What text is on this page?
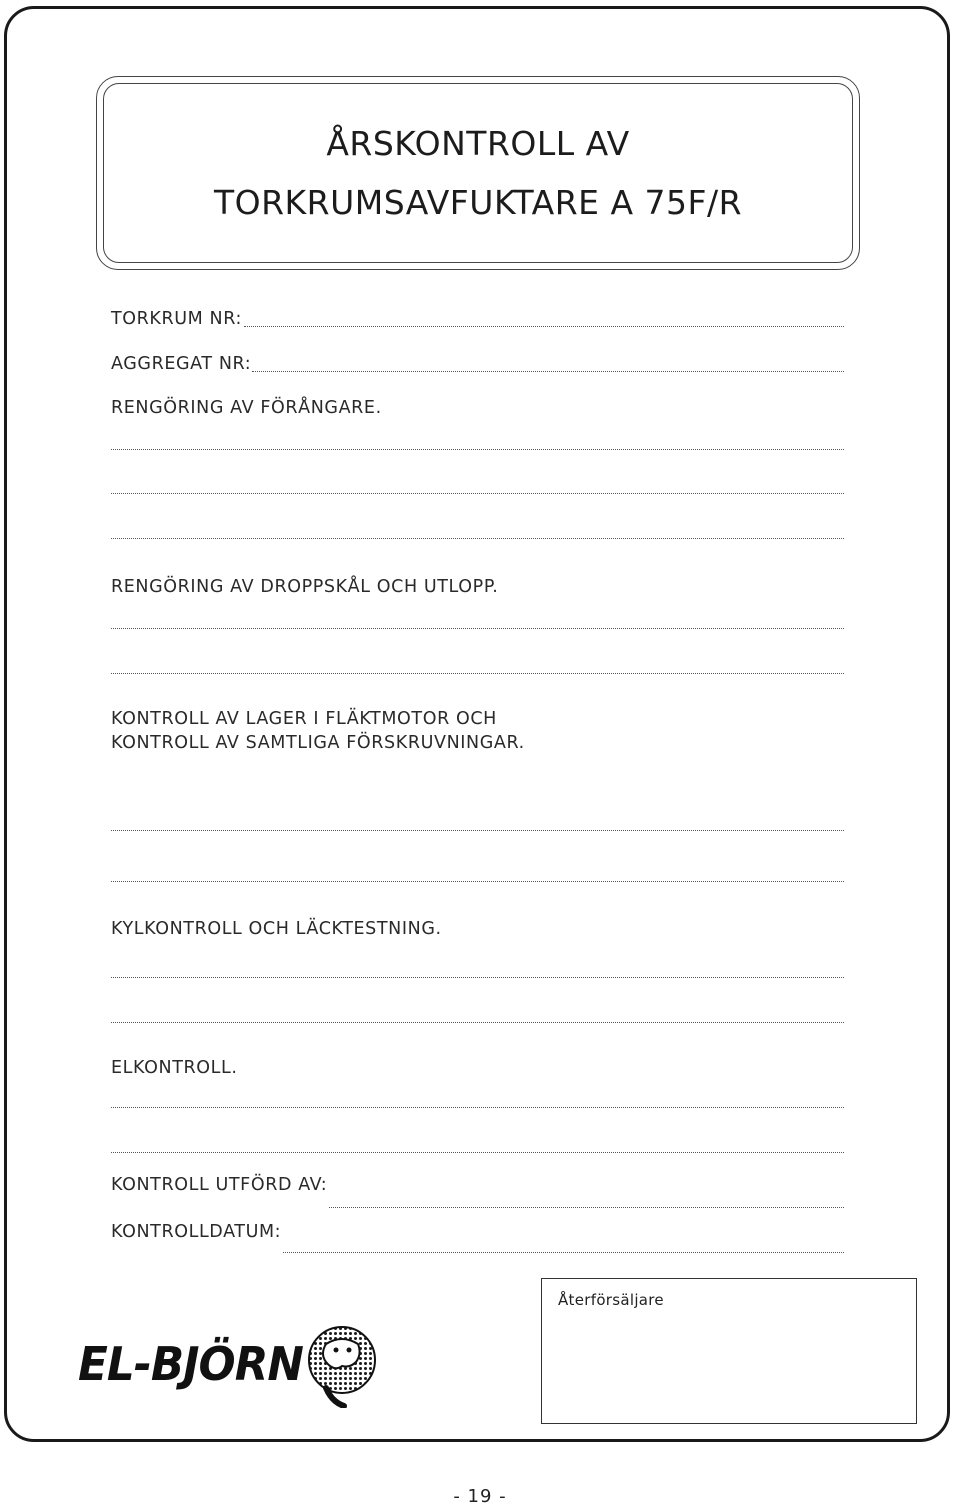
ÅRSKONTROLL AV
TORKRUMSAVFUKTARE A 75F/R
TORKRUM NR:
AGGREGAT NR:
RENGÖRING AV FÖRÅNGARE.
RENGÖRING AV DROPPSKÅL OCH UTLOPP.
KONTROLL AV LAGER I FLÄKTMOTOR OCH
KONTROLL AV SAMTLIGA FÖRSKRUVNINGAR.
KYLKONTROLL OCH LÄCKTESTNING.
ELKONTROLL.
KONTROLL UTFÖRD AV:
KONTROLLDATUM:
EL-BJÖRN
Återförsäljare
- 19 -
